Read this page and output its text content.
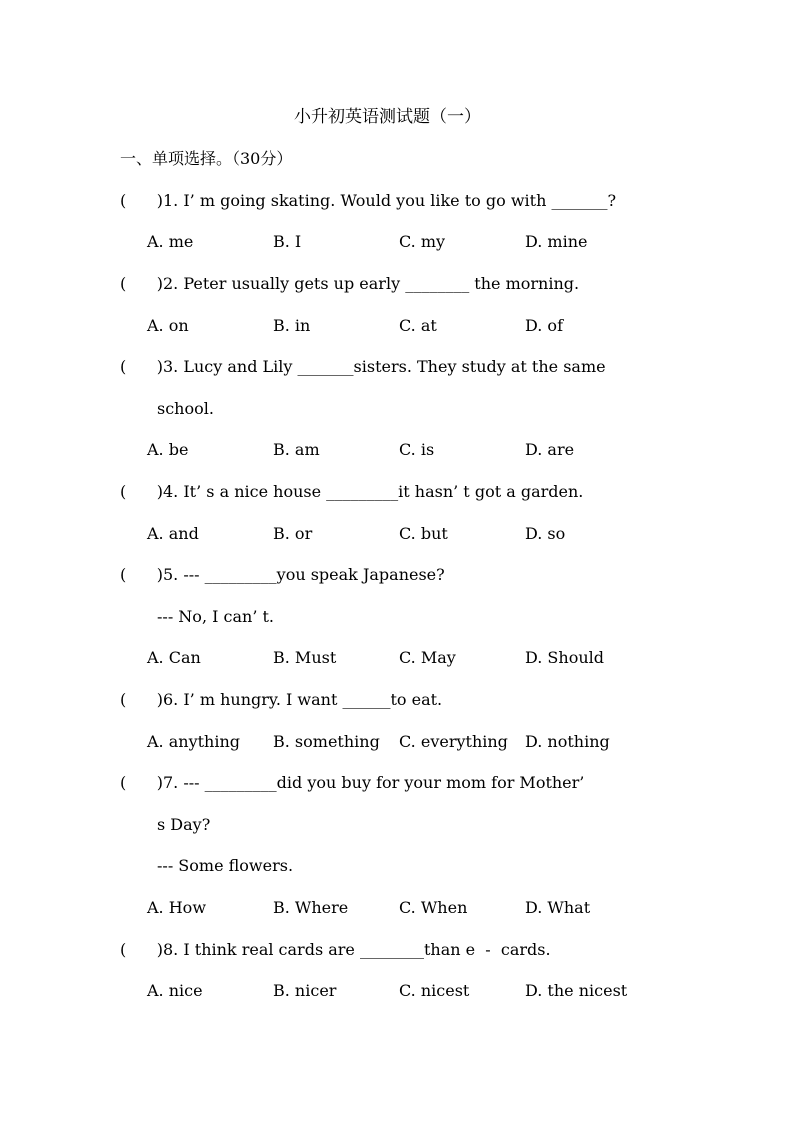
小升初英语测试题（一）
一、单项选择。（30分）
(      )1. I’ m going skating. Would you like to go with _______?
A. me	B. I	C. my	D. mine
(      )2. Peter usually gets up early ________ the morning.
A. on	B. in	C. at	D. of
(      )3. Lucy and Lily _______sisters. They study at the same
school.
A. be	B. am	C. is	D. are
(      )4. It’ s a nice house _________it hasn’ t got a garden.
A. and	B. or	C. but	D. so
(      )5. --- _________you speak Japanese?
--- No, I can’ t.
A. Can	B. Must	C. May	D. Should
(      )6. I’ m hungry. I want ______to eat.
A. anything B. something C. everything D. nothing
(      )7. --- _________did you buy for your mom for Mother’
s Day?
--- Some flowers.
A. How	B. Where	C. When	D. What
(      )8. I think real cards are ________than e  -  cards.
A. nice	B. nicer	C. nicest	D. the nicest
